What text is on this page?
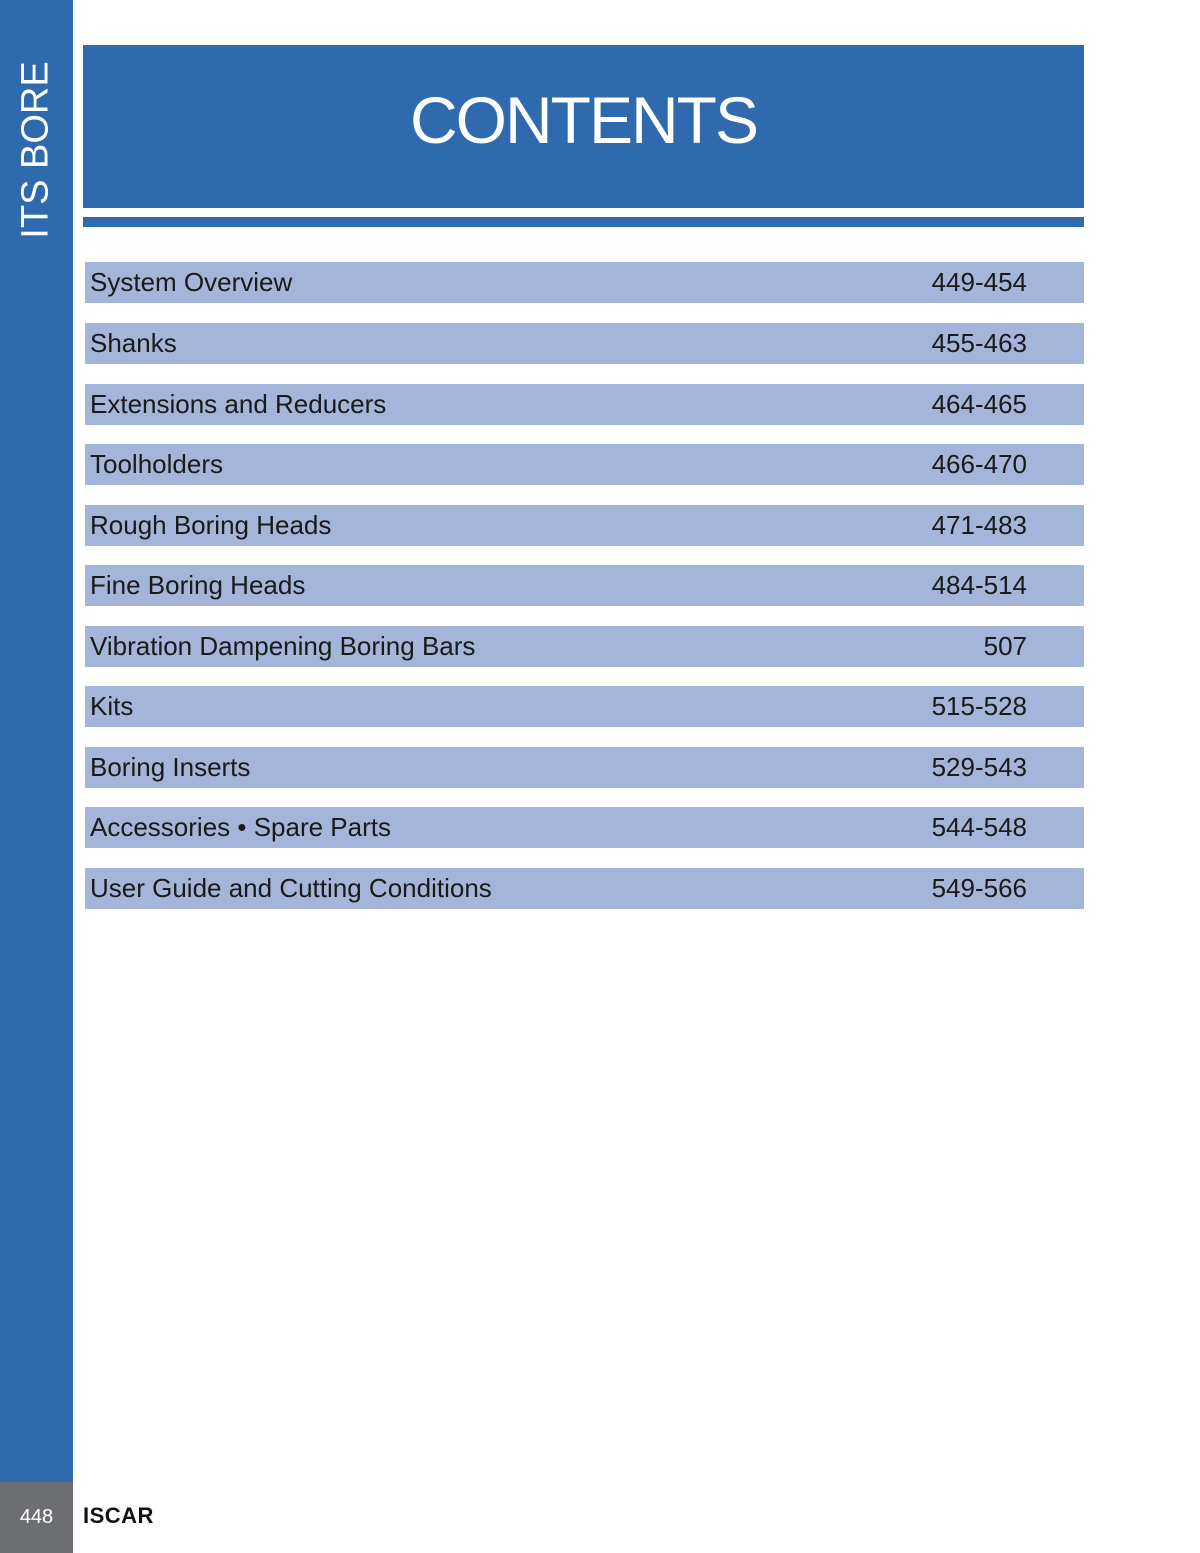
ITS BORE	CONTENTS
System Overview	449-454
Shanks	455-463
Extensions and Reducers	464-465
Toolholders	466-470
Rough Boring Heads	471-483
Fine Boring Heads	484-514
Vibration Dampening Boring Bars	507
Kits	515-528
Boring Inserts	529-543
Accessories • Spare Parts	544-548
User Guide and Cutting Conditions	549-566
448	ISCAR
